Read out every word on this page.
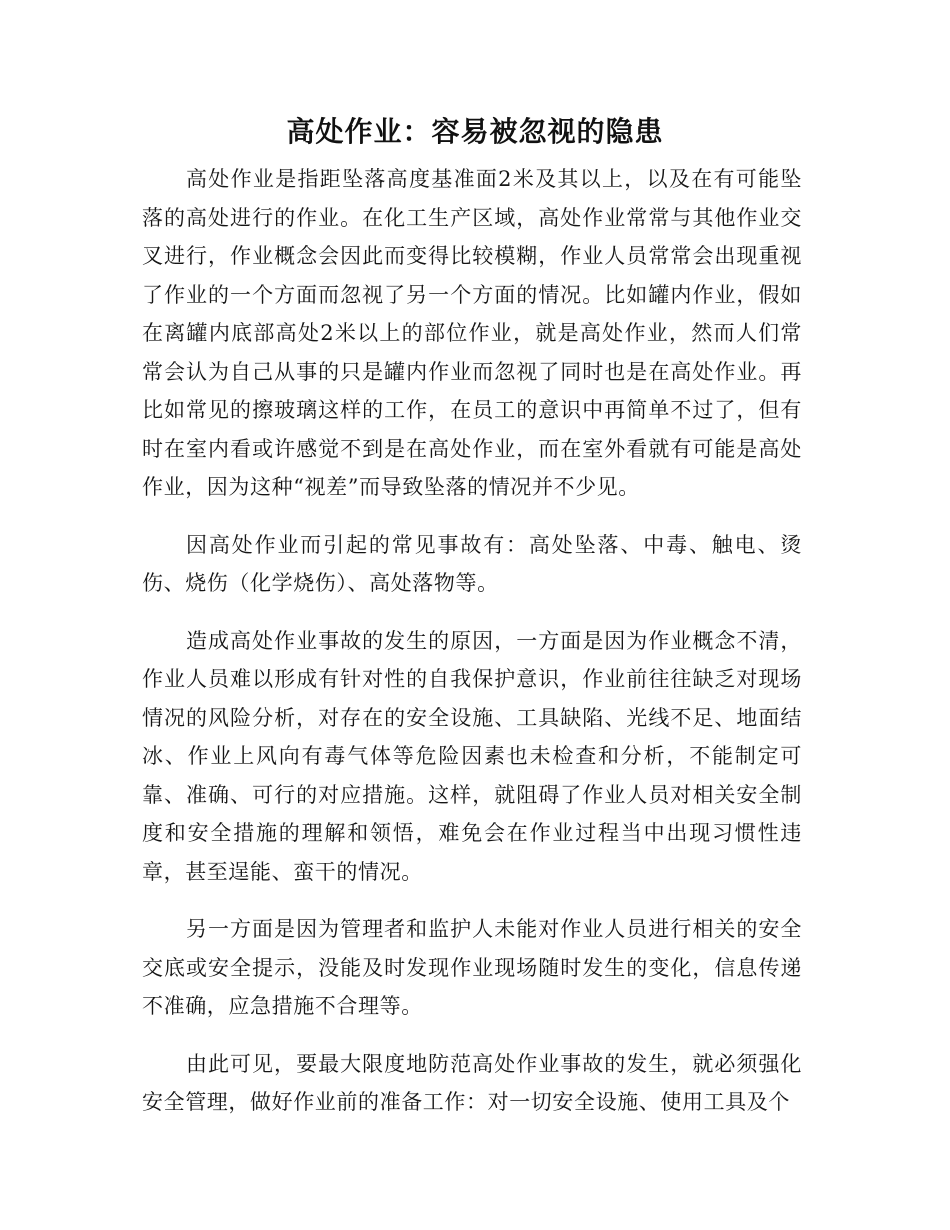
高处作业：容易被忽视的隐患

高处作业是指距坠落高度基准面2米及其以上，以及在有可能坠落的高处进行的作业。在化工生产区域，高处作业常常与其他作业交叉进行，作业概念会因此而变得比较模糊，作业人员常常会出现重视了作业的一个方面而忽视了另一个方面的情况。比如罐内作业，假如在离罐内底部高处2米以上的部位作业，就是高处作业，然而人们常常会认为自己从事的只是罐内作业而忽视了同时也是在高处作业。再比如常见的擦玻璃这样的工作，在员工的意识中再简单不过了，但有时在室内看或许感觉不到是在高处作业，而在室外看就有可能是高处作业，因为这种“视差”而导致坠落的情况并不少见。

因高处作业而引起的常见事故有：高处坠落、中毒、触电、烫伤、烧伤（化学烧伤）、高处落物等。

造成高处作业事故的发生的原因，一方面是因为作业概念不清，作业人员难以形成有针对性的自我保护意识，作业前往往缺乏对现场情况的风险分析，对存在的安全设施、工具缺陷、光线不足、地面结冰、作业上风向有毒气体等危险因素也未检查和分析，不能制定可靠、准确、可行的对应措施。这样，就阻碍了作业人员对相关安全制度和安全措施的理解和领悟，难免会在作业过程当中出现习惯性违章，甚至逞能、蛮干的情况。

另一方面是因为管理者和监护人未能对作业人员进行相关的安全交底或安全提示，没能及时发现作业现场随时发生的变化，信息传递不准确，应急措施不合理等。

由此可见，要最大限度地防范高处作业事故的发生，就必须强化安全管理，做好作业前的准备工作：对一切安全设施、使用工具及个
